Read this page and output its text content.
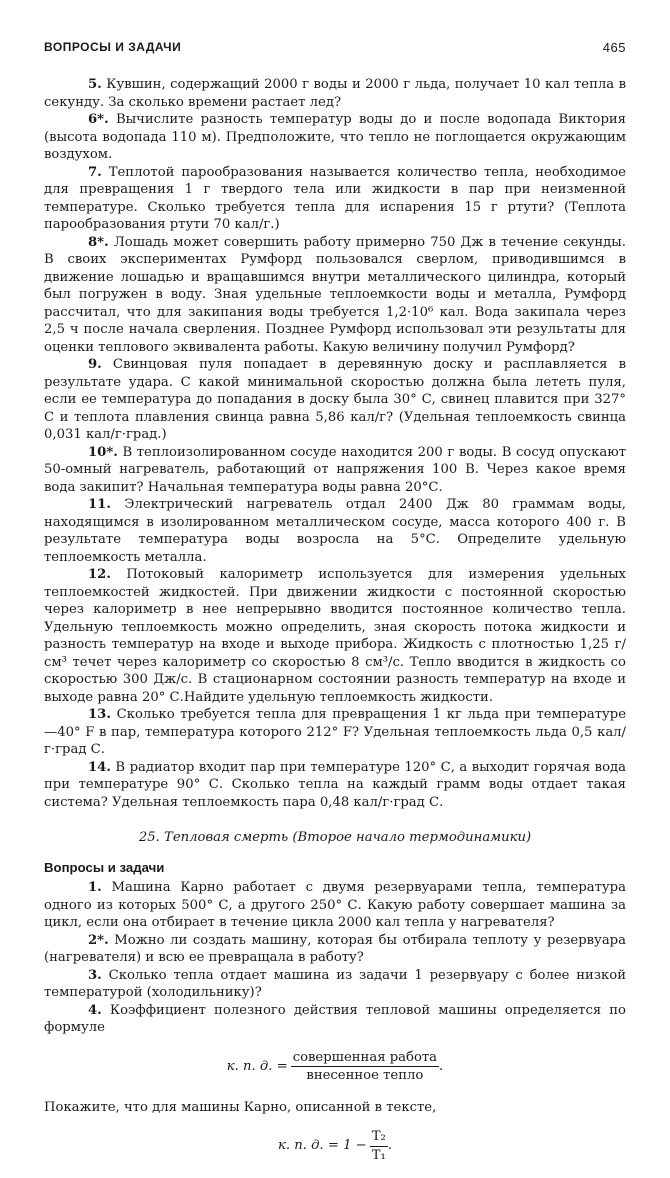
ВОПРОСЫ И ЗАДАЧИ	465

5. Кувшин, содержащий 2000 г воды и 2000 г льда, получает 10 кал тепла в секунду. За сколько времени растает лед?

6*. Вычислите разность температур воды до и после водопада Виктория (высота водопада 110 м). Предположите, что тепло не поглощается окружающим воздухом.

7. Теплотой парообразования называется количество тепла, необходимое для превращения 1 г твердого тела или жидкости в пар при неизменной температуре. Сколько требуется тепла для испарения 15 г ртути? (Теплота парообразования ртути 70 кал/г.)

8*. Лошадь может совершить работу примерно 750 Дж в течение секунды. В своих экспериментах Румфорд пользовался сверлом, приводившимся в движение лошадью и вращавшимся внутри металлического цилиндра, который был погружен в воду. Зная удельные теплоемкости воды и металла, Румфорд рассчитал, что для закипания воды требуется 1,2·10⁶ кал. Вода закипала через 2,5 ч после начала сверления. Позднее Румфорд использовал эти результаты для оценки теплового эквивалента работы. Какую величину получил Румфорд?

9. Свинцовая пуля попадает в деревянную доску и расплавляется в результате удара. С какой минимальной скоростью должна была лететь пуля, если ее температура до попадания в доску была 30° С, свинец плавится при 327° С и теплота плавления свинца равна 5,86 кал/г? (Удельная теплоемкость свинца 0,031 кал/г·град.)

10*. В теплоизолированном сосуде находится 200 г воды. В сосуд опускают 50-омный нагреватель, работающий от напряжения 100 В. Через какое время вода закипит? Начальная температура воды равна 20°С.

11. Электрический нагреватель отдал 2400 Дж 80 граммам воды, находящимся в изолированном металлическом сосуде, масса которого 400 г. В результате температура воды возросла на 5°С. Определите удельную теплоемкость металла.

12. Потоковый калориметр используется для измерения удельных теплоемкостей жидкостей. При движении жидкости с постоянной скоростью через калориметр в нее непрерывно вводится постоянное количество тепла. Удельную теплоемкость можно определить, зная скорость потока жидкости и разность температур на входе и выходе прибора. Жидкость с плотностью 1,25 г/см³ течет через калориметр со скоростью 8 см³/с. Тепло вводится в жидкость со скоростью 300 Дж/с. В стационарном состоянии разность температур на входе и выходе равна 20° С.Найдите удельную теплоемкость жидкости.

13. Сколько требуется тепла для превращения 1 кг льда при температуре —40° F в пар, температура которого 212° F? Удельная теплоемкость льда 0,5 кал/г·град С.

14. В радиатор входит пар при температуре 120° С, а выходит горячая вода при температуре 90° С. Сколько тепла на каждый грамм воды отдает такая система? Удельная теплоемкость пара 0,48 кал/г·град С.

25. Тепловая смерть (Второе начало термодинамики)

Вопросы и задачи

1. Машина Карно работает с двумя резервуарами тепла, температура одного из которых 500° С, а другого 250° С. Какую работу совершает машина за цикл, если она отбирает в течение цикла 2000 кал тепла у нагревателя?

2*. Можно ли создать машину, которая бы отбирала теплоту у резервуара (нагревателя) и всю ее превращала в работу?

3. Сколько тепла отдает машина из задачи 1 резервуару с более низкой температурой (холодильнику)?

4. Коэффициент полезного действия тепловой машины определяется по формуле

к. п. д. = $\frac{\text{совершенная работа}}{\text{внесенное тепло}}$ .

Покажите, что для машины Карно, описанной в тексте,

к. п. д. = $1 - \frac{\text{T₂}}{\text{T₁}}$ .
